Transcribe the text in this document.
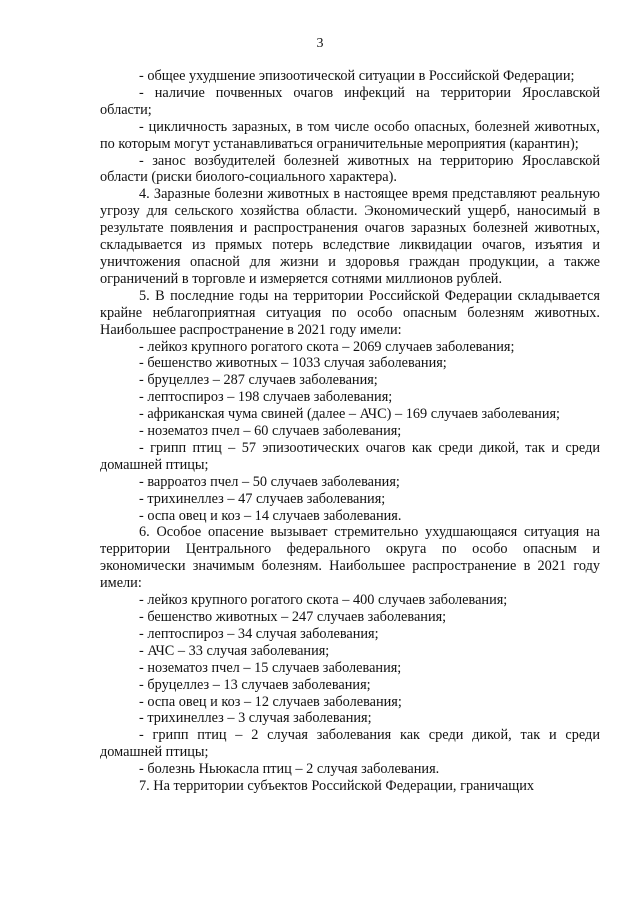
3

- общее ухудшение эпизоотической ситуации в Российской Федерации;

- наличие почвенных очагов инфекций на территории Ярославской области;

- цикличность заразных, в том числе особо опасных, болезней животных, по которым могут устанавливаться ограничительные мероприятия (карантин);

- занос возбудителей болезней животных на территорию Ярославской области (риски биолого-социального характера).

4. Заразные болезни животных в настоящее время представляют реальную угрозу для сельского хозяйства области. Экономический ущерб, наносимый в результате появления и распространения очагов заразных болезней животных, складывается из прямых потерь вследствие ликвидации очагов, изъятия и уничтожения опасной для жизни и здоровья граждан продукции, а также ограничений в торговле и измеряется сотнями миллионов рублей.

5. В последние годы на территории Российской Федерации складывается крайне неблагоприятная ситуация по особо опасным болезням животных. Наибольшее распространение в 2021 году имели:

- лейкоз крупного рогатого скота – 2069 случаев заболевания;

- бешенство животных – 1033 случая заболевания;

- бруцеллез – 287 случаев заболевания;

- лептоспироз – 198 случаев заболевания;

- африканская чума свиней (далее – АЧС) – 169 случаев заболевания;

- нозематоз пчел – 60 случаев заболевания;

- грипп птиц – 57 эпизоотических очагов как среди дикой, так и среди домашней птицы;

- варроатоз пчел – 50 случаев заболевания;

- трихинеллез – 47 случаев заболевания;

- оспа овец и коз – 14 случаев заболевания.

6. Особое опасение вызывает стремительно ухудшающаяся ситуация на территории Центрального федерального округа по особо опасным и экономически значимым болезням. Наибольшее распространение в 2021 году имели:

- лейкоз крупного рогатого скота – 400 случаев заболевания;

- бешенство животных – 247 случаев заболевания;

- лептоспироз – 34 случая заболевания;

- АЧС – 33 случая заболевания;

- нозематоз пчел – 15 случаев заболевания;

- бруцеллез – 13 случаев заболевания;

- оспа овец и коз – 12 случаев заболевания;

- трихинеллез – 3 случая заболевания;

- грипп птиц – 2 случая заболевания как среди дикой, так и среди домашней птицы;

- болезнь Ньюкасла птиц – 2 случая заболевания.

7. На территории субъектов Российской Федерации, граничащих
